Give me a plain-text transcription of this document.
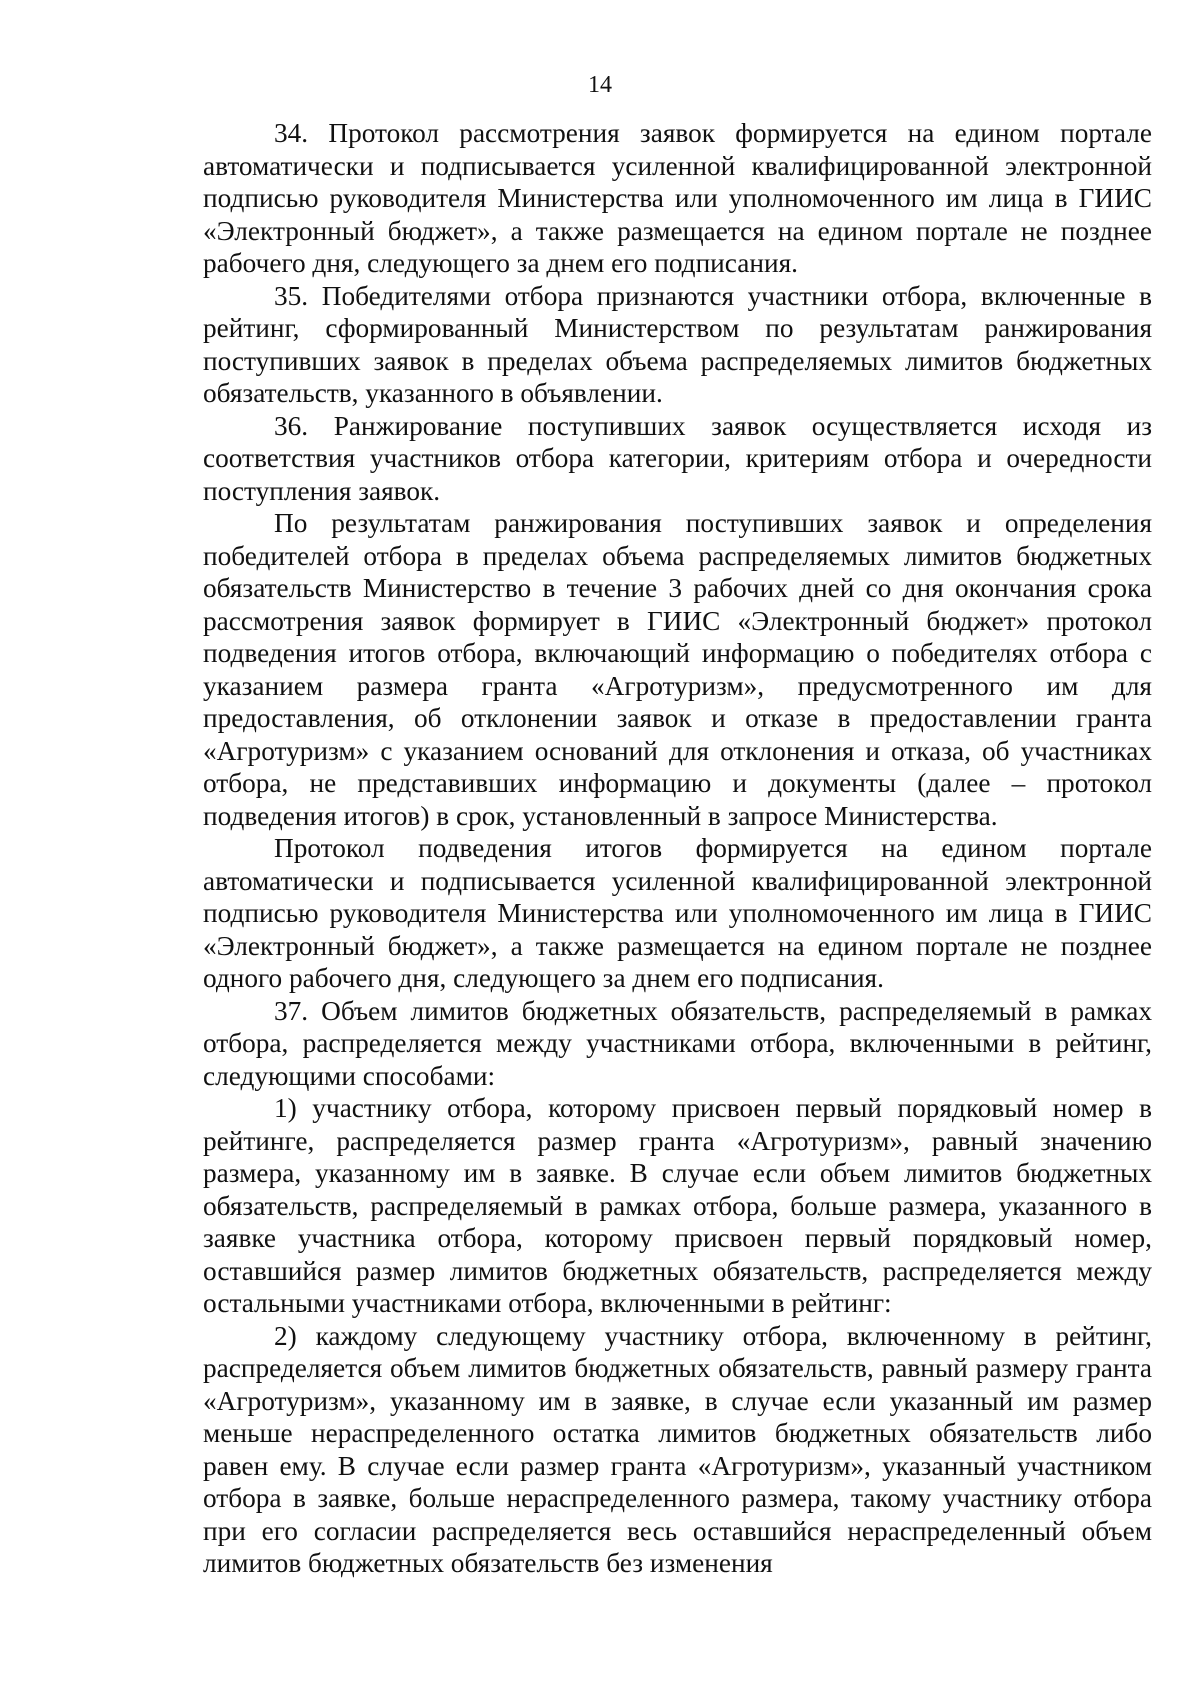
14

34. Протокол рассмотрения заявок формируется на едином портале автоматически и подписывается усиленной квалифицированной электронной подписью руководителя Министерства или уполномоченного им лица в ГИИС «Электронный бюджет», а также размещается на едином портале не позднее рабочего дня, следующего за днем его подписания.

35. Победителями отбора признаются участники отбора, включенные в рейтинг, сформированный Министерством по результатам ранжирования поступивших заявок в пределах объема распределяемых лимитов бюджетных обязательств, указанного в объявлении.

36. Ранжирование поступивших заявок осуществляется исходя из соответствия участников отбора категории, критериям отбора и очередности поступления заявок.

По результатам ранжирования поступивших заявок и определения победителей отбора в пределах объема распределяемых лимитов бюджетных обязательств Министерство в течение 3 рабочих дней со дня окончания срока рассмотрения заявок формирует в ГИИС «Электронный бюджет» протокол подведения итогов отбора, включающий информацию о победителях отбора с указанием размера гранта «Агротуризм», предусмотренного им для предоставления, об отклонении заявок и отказе в предоставлении гранта «Агротуризм» с указанием оснований для отклонения и отказа, об участниках отбора, не представивших информацию и документы (далее – протокол подведения итогов) в срок, установленный в запросе Министерства.

Протокол подведения итогов формируется на едином портале автоматически и подписывается усиленной квалифицированной электронной подписью руководителя Министерства или уполномоченного им лица в ГИИС «Электронный бюджет», а также размещается на едином портале не позднее одного рабочего дня, следующего за днем его подписания.

37. Объем лимитов бюджетных обязательств, распределяемый в рамках отбора, распределяется между участниками отбора, включенными в рейтинг, следующими способами:

1) участнику отбора, которому присвоен первый порядковый номер в рейтинге, распределяется размер гранта «Агротуризм», равный значению размера, указанному им в заявке. В случае если объем лимитов бюджетных обязательств, распределяемый в рамках отбора, больше размера, указанного в заявке участника отбора, которому присвоен первый порядковый номер, оставшийся размер лимитов бюджетных обязательств, распределяется между остальными участниками отбора, включенными в рейтинг:

2) каждому следующему участнику отбора, включенному в рейтинг, распределяется объем лимитов бюджетных обязательств, равный размеру гранта «Агротуризм», указанному им в заявке, в случае если указанный им размер меньше нераспределенного остатка лимитов бюджетных обязательств либо равен ему. В случае если размер гранта «Агротуризм», указанный участником отбора в заявке, больше нераспределенного размера, такому участнику отбора при его согласии распределяется весь оставшийся нераспределенный объем лимитов бюджетных обязательств без изменения
